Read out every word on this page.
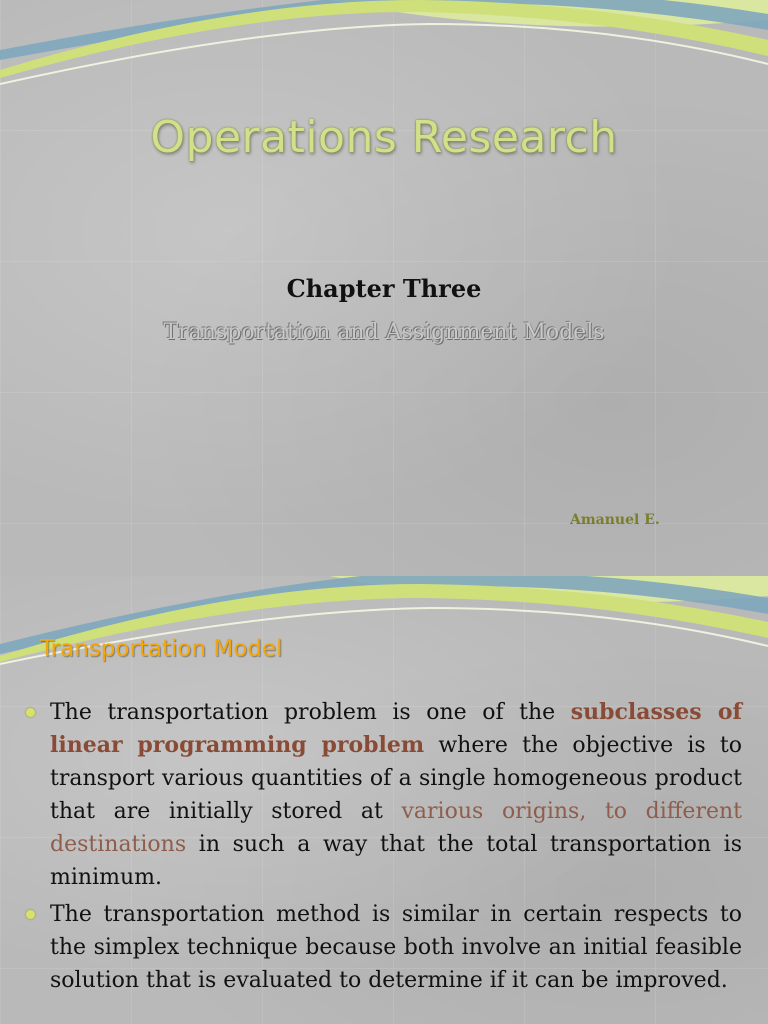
Operations Research
Chapter Three
Transportation and Assignment Models
Amanuel E.
Transportation Model

The transportation problem is one of the subclasses of linear programming problem where the objective is to transport various quantities of a single homogeneous product that are initially stored at various origins, to different destinations in such a way that the total transportation is minimum.

The transportation method is similar in certain respects to the simplex technique because both involve an initial feasible solution that is evaluated to determine if it can be improved.
